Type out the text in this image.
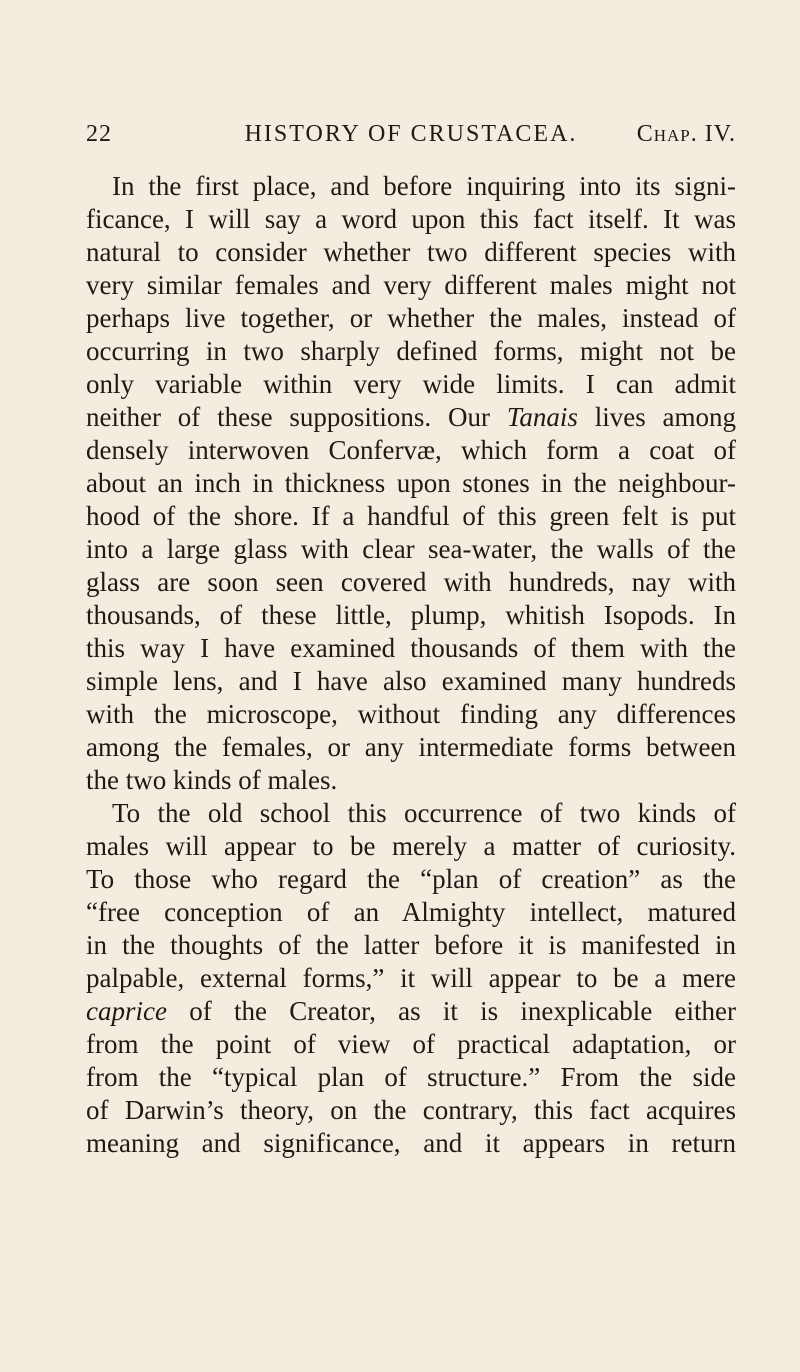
22	HISTORY OF CRUSTACEA.	Chap. IV.
In the first place, and before inquiring into its signi-
ficance, I will say a word upon this fact itself. It was
natural to consider whether two different species with
very similar females and very different males might not
perhaps live together, or whether the males, instead of
occurring in two sharply defined forms, might not be
only variable within very wide limits. I can admit
neither of these suppositions. Our Tanais lives among
densely interwoven Confervæ, which form a coat of
about an inch in thickness upon stones in the neighbour-
hood of the shore. If a handful of this green felt is put
into a large glass with clear sea-water, the walls of the
glass are soon seen covered with hundreds, nay with
thousands, of these little, plump, whitish Isopods. In
this way I have examined thousands of them with the
simple lens, and I have also examined many hundreds
with the microscope, without finding any differences
among the females, or any intermediate forms between
the two kinds of males.
To the old school this occurrence of two kinds of
males will appear to be merely a matter of curiosity.
To those who regard the “plan of creation” as the
“free conception of an Almighty intellect, matured
in the thoughts of the latter before it is manifested in
palpable, external forms,” it will appear to be a mere
caprice of the Creator, as it is inexplicable either
from the point of view of practical adaptation, or
from the “typical plan of structure.” From the side
of Darwin’s theory, on the contrary, this fact acquires
meaning and significance, and it appears in return
